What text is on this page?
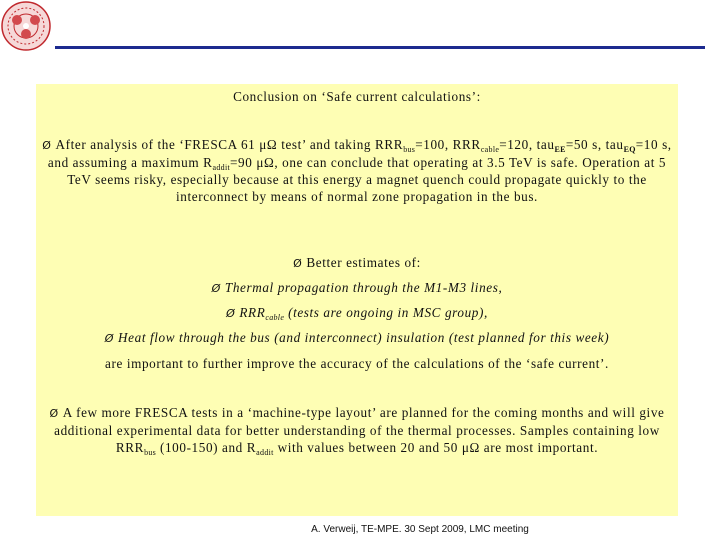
Conclusion on ‘Safe current calculations’:
Ø After analysis of the ‘FRESCA 61 μΩ test’ and taking $RRR_{bus}=100$, $RRR_{cable}=120$, tau$_{EE}$=50 s, tau$_{EQ}$=10 s, and assuming a maximum $R_{addit}=90$ μΩ, one can conclude that operating at 3.5 TeV is safe. Operation at 5 TeV seems risky, especially because at this energy a magnet quench could propagate quickly to the interconnect by means of normal zone propagation in the bus.
Ø Better estimates of:
Ø Thermal propagation through the M1-M3 lines,
Ø $RRR_{cable}$ (tests are ongoing in MSC group),
Ø Heat flow through the bus (and interconnect) insulation (test planned for this week)
are important to further improve the accuracy of the calculations of the ‘safe current’.
Ø A few more FRESCA tests in a ‘machine-type layout’ are planned for the coming months and will give additional experimental data for better understanding of the thermal processes. Samples containing low $RRR_{bus}$ (100-150) and $R_{addit}$ with values between 20 and 50 μΩ are most important.
A. Verweij, TE-MPE. 30 Sept 2009, LMC meeting
